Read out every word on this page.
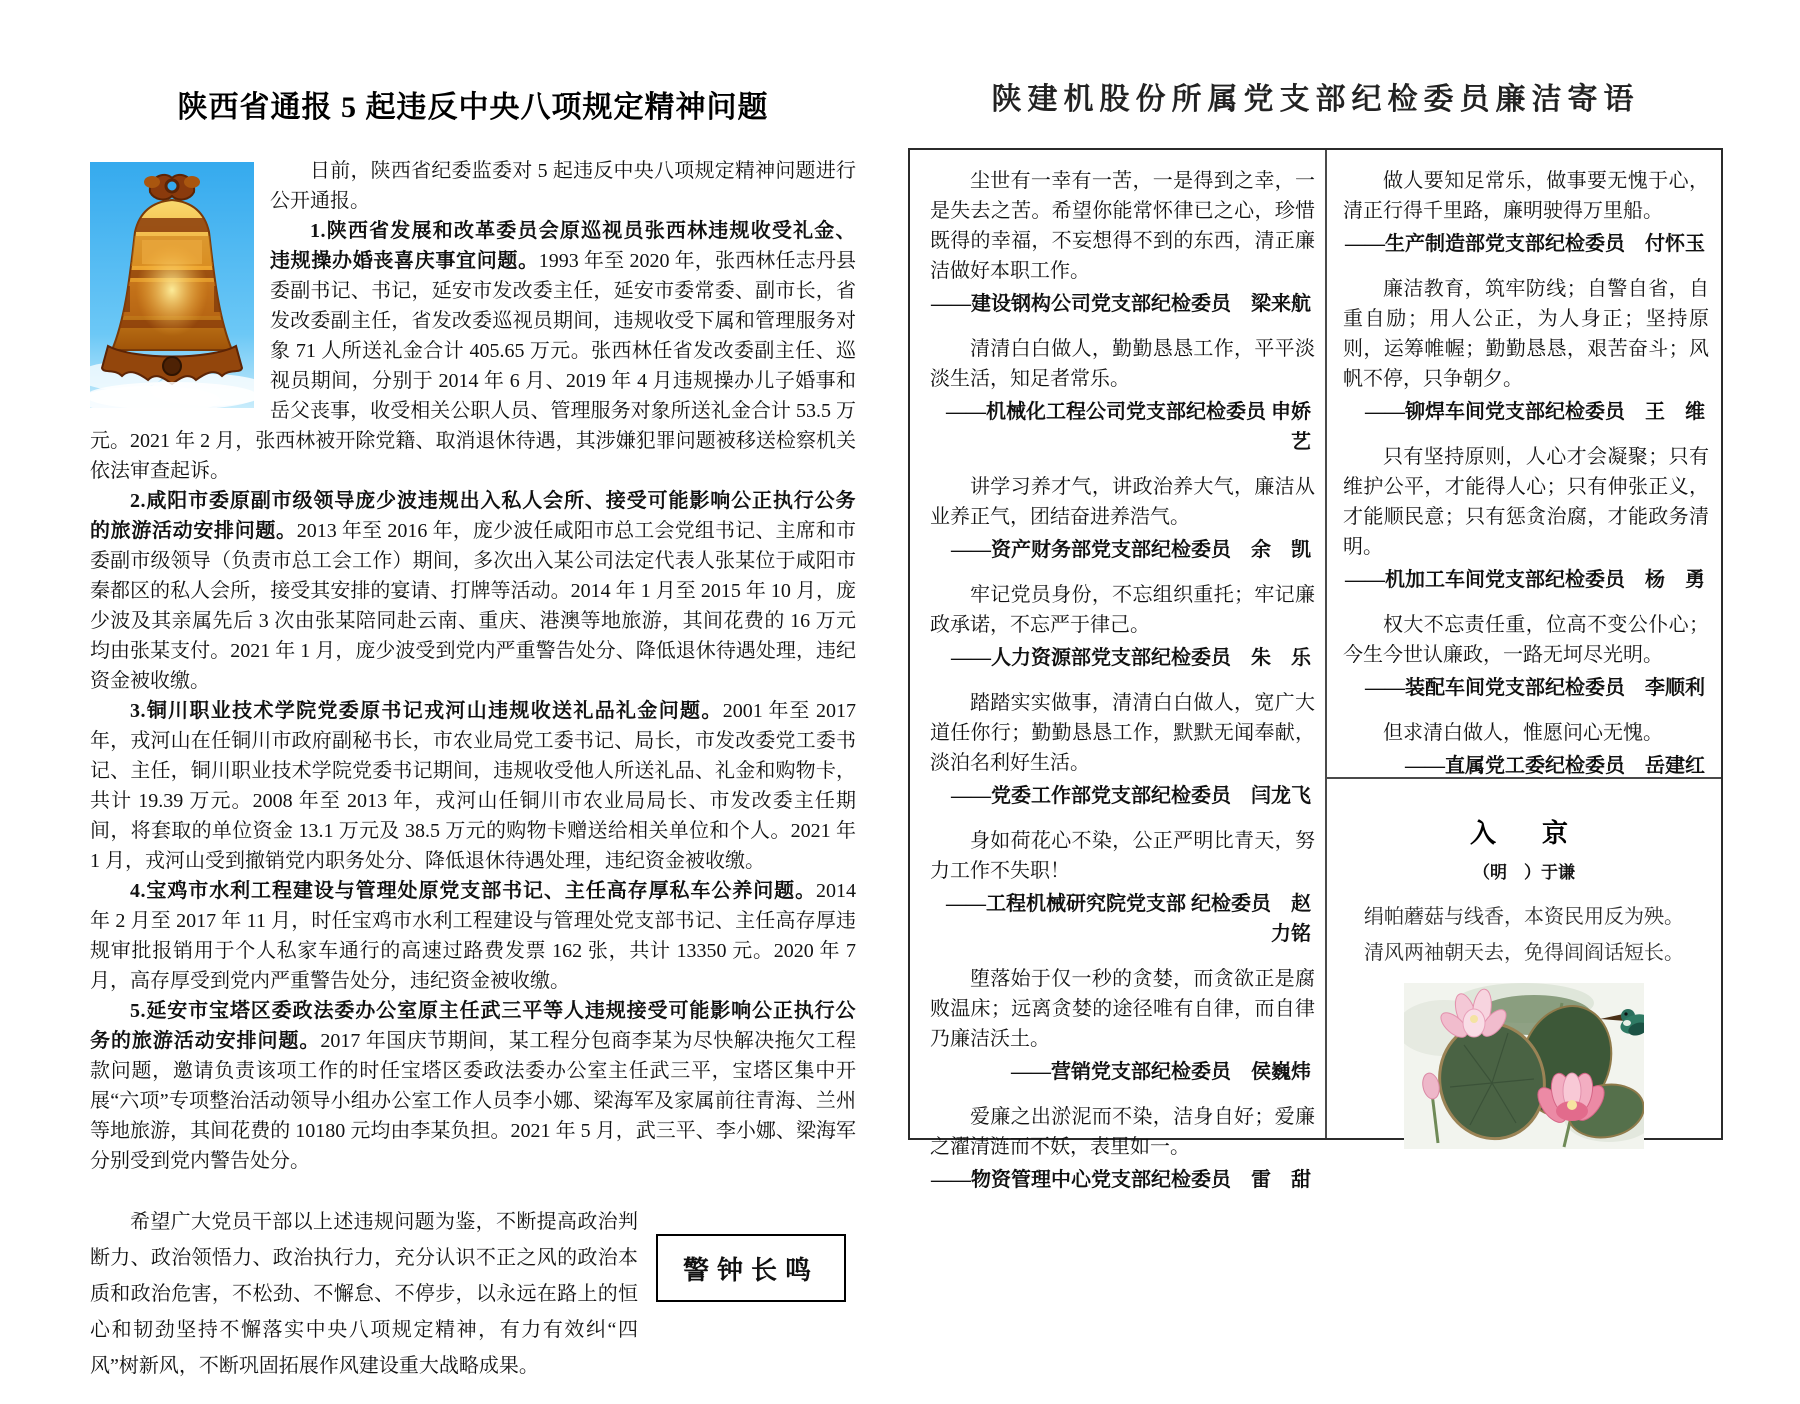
陕西省通报 5 起违反中央八项规定精神问题

日前，陕西省纪委监委对 5 起违反中央八项规定精神问题进行公开通报。

1.陕西省发展和改革委员会原巡视员张西林违规收受礼金、违规操办婚丧喜庆事宜问题。1993 年至 2020 年，张西林任志丹县委副书记、书记，延安市发改委主任，延安市委常委、副市长，省发改委副主任，省发改委巡视员期间，违规收受下属和管理服务对象 71 人所送礼金合计 405.65 万元。张西林任省发改委副主任、巡视员期间，分别于 2014 年 6 月、2019 年 4 月违规操办儿子婚事和岳父丧事，收受相关公职人员、管理服务对象所送礼金合计 53.5 万元。2021 年 2 月，张西林被开除党籍、取消退休待遇，其涉嫌犯罪问题被移送检察机关依法审查起诉。

2.咸阳市委原副市级领导庞少波违规出入私人会所、接受可能影响公正执行公务的旅游活动安排问题。2013 年至 2016 年，庞少波任咸阳市总工会党组书记、主席和市委副市级领导（负责市总工会工作）期间，多次出入某公司法定代表人张某位于咸阳市秦都区的私人会所，接受其安排的宴请、打牌等活动。2014 年 1 月至 2015 年 10 月，庞少波及其亲属先后 3 次由张某陪同赴云南、重庆、港澳等地旅游，其间花费的 16 万元均由张某支付。2021 年 1 月，庞少波受到党内严重警告处分、降低退休待遇处理，违纪资金被收缴。

3.铜川职业技术学院党委原书记戎河山违规收送礼品礼金问题。2001 年至 2017 年，戎河山在任铜川市政府副秘书长，市农业局党工委书记、局长，市发改委党工委书记、主任，铜川职业技术学院党委书记期间，违规收受他人所送礼品、礼金和购物卡，共计 19.39 万元。2008 年至 2013 年，戎河山任铜川市农业局局长、市发改委主任期间，将套取的单位资金 13.1 万元及 38.5 万元的购物卡赠送给相关单位和个人。2021 年 1 月，戎河山受到撤销党内职务处分、降低退休待遇处理，违纪资金被收缴。

4.宝鸡市水利工程建设与管理处原党支部书记、主任高存厚私车公养问题。2014 年 2 月至 2017 年 11 月，时任宝鸡市水利工程建设与管理处党支部书记、主任高存厚违规审批报销用于个人私家车通行的高速过路费发票 162 张，共计 13350 元。2020 年 7 月，高存厚受到党内严重警告处分，违纪资金被收缴。

5.延安市宝塔区委政法委办公室原主任武三平等人违规接受可能影响公正执行公务的旅游活动安排问题。2017 年国庆节期间，某工程分包商李某为尽快解决拖欠工程款问题，邀请负责该项工作的时任宝塔区委政法委办公室主任武三平，宝塔区集中开展“六项”专项整治活动领导小组办公室工作人员李小娜、梁海军及家属前往青海、兰州等地旅游，其间花费的 10180 元均由李某负担。2021 年 5 月，武三平、李小娜、梁海军分别受到党内警告处分。

希望广大党员干部以上述违规问题为鉴，不断提高政治判断力、政治领悟力、政治执行力，充分认识不正之风的政治本质和政治危害，不松劲、不懈怠、不停步，以永远在路上的恒心和韧劲坚持不懈落实中央八项规定精神，有力有效纠“四风”树新风，不断巩固拓展作风建设重大战略成果。

警钟长鸣
陕建机股份所属党支部纪检委员廉洁寄语

尘世有一幸有一苦，一是得到之幸，一是失去之苦。希望你能常怀律已之心，珍惜既得的幸福，不妄想得不到的东西，清正廉洁做好本职工作。

——建设钢构公司党支部纪检委员　梁来航

清清白白做人，勤勤恳恳工作，平平淡淡生活，知足者常乐。

——机械化工程公司党支部纪检委员 申娇艺

讲学习养才气，讲政治养大气，廉洁从业养正气，团结奋进养浩气。

——资产财务部党支部纪检委员　余　凯

牢记党员身份，不忘组织重托；牢记廉政承诺，不忘严于律己。

——人力资源部党支部纪检委员　朱　乐

踏踏实实做事，清清白白做人，宽广大道任你行；勤勤恳恳工作，默默无闻奉献，淡泊名利好生活。

——党委工作部党支部纪检委员　闫龙飞

身如荷花心不染，公正严明比青天，努力工作不失职！

——工程机械研究院党支部 纪检委员　赵力铭

堕落始于仅一秒的贪婪，而贪欲正是腐败温床；远离贪婪的途径唯有自律，而自律乃廉洁沃土。

——营销党支部纪检委员　侯巍炜

爱廉之出淤泥而不染，洁身自好；爱廉之濯清涟而不妖，表里如一。

——物资管理中心党支部纪检委员　雷　甜

做人要知足常乐，做事要无愧于心，清正行得千里路，廉明驶得万里船。

——生产制造部党支部纪检委员　付怀玉

廉洁教育，筑牢防线；自警自省，自重自励；用人公正，为人身正；坚持原则，运筹帷幄；勤勤恳恳，艰苦奋斗；风帆不停，只争朝夕。

——铆焊车间党支部纪检委员　王　维

只有坚持原则，人心才会凝聚；只有维护公平，才能得人心；只有伸张正义，才能顺民意；只有惩贪治腐，才能政务清明。

——机加工车间党支部纪检委员　杨　勇

权大不忘责任重，位高不变公仆心；今生今世认廉政，一路无坷尽光明。

——装配车间党支部纪检委员　李顺利

但求清白做人，惟愿问心无愧。

——直属党工委纪检委员　岳建红

入　京
（明　）于谦
绢帕蘑菇与线香，本资民用反为殃。
清风两袖朝天去，免得闾阎话短长。
